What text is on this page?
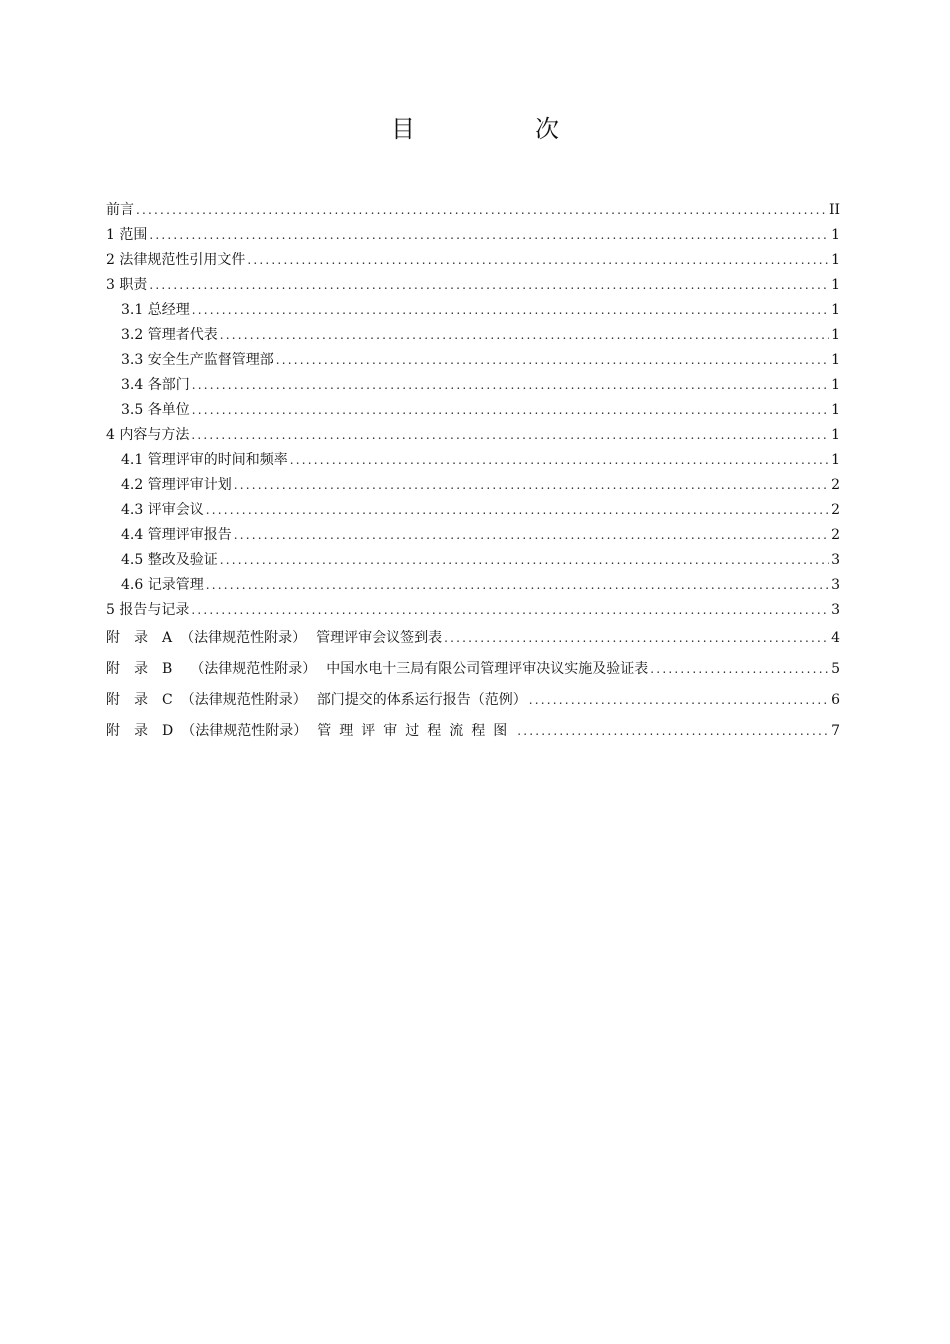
目　次
前言 .....	II
1 范围 .....	1
2 法律规范性引用文件 .....	1
3 职责 .....	1
3.1 总经理 .....	1
3.2 管理者代表 .....	1
3.3 安全生产监督管理部 .....	1
3.4 各部门 .....	1
3.5 各单位 .....	1
4 内容与方法 .....	1
4.1 管理评审的时间和频率 .....	1
4.2 管理评审计划 .....	2
4.3 评审会议 .....	2
4.4 管理评审报告 .....	2
4.5 整改及验证 .....	3
4.6 记录管理 .....	3
5 报告与记录 .....	3
附　录　A （法律规范性附录） 管理评审会议签到表 .....	4
附　录　B （法律规范性附录） 中国水电十三局有限公司管理评审决议实施及验证表 .....	5
附　录　C （法律规范性附录） 部门提交的体系运行报告（范例） .....	6
附　录　D （法律规范性附录） 管理评审过程流程图 .....	7
